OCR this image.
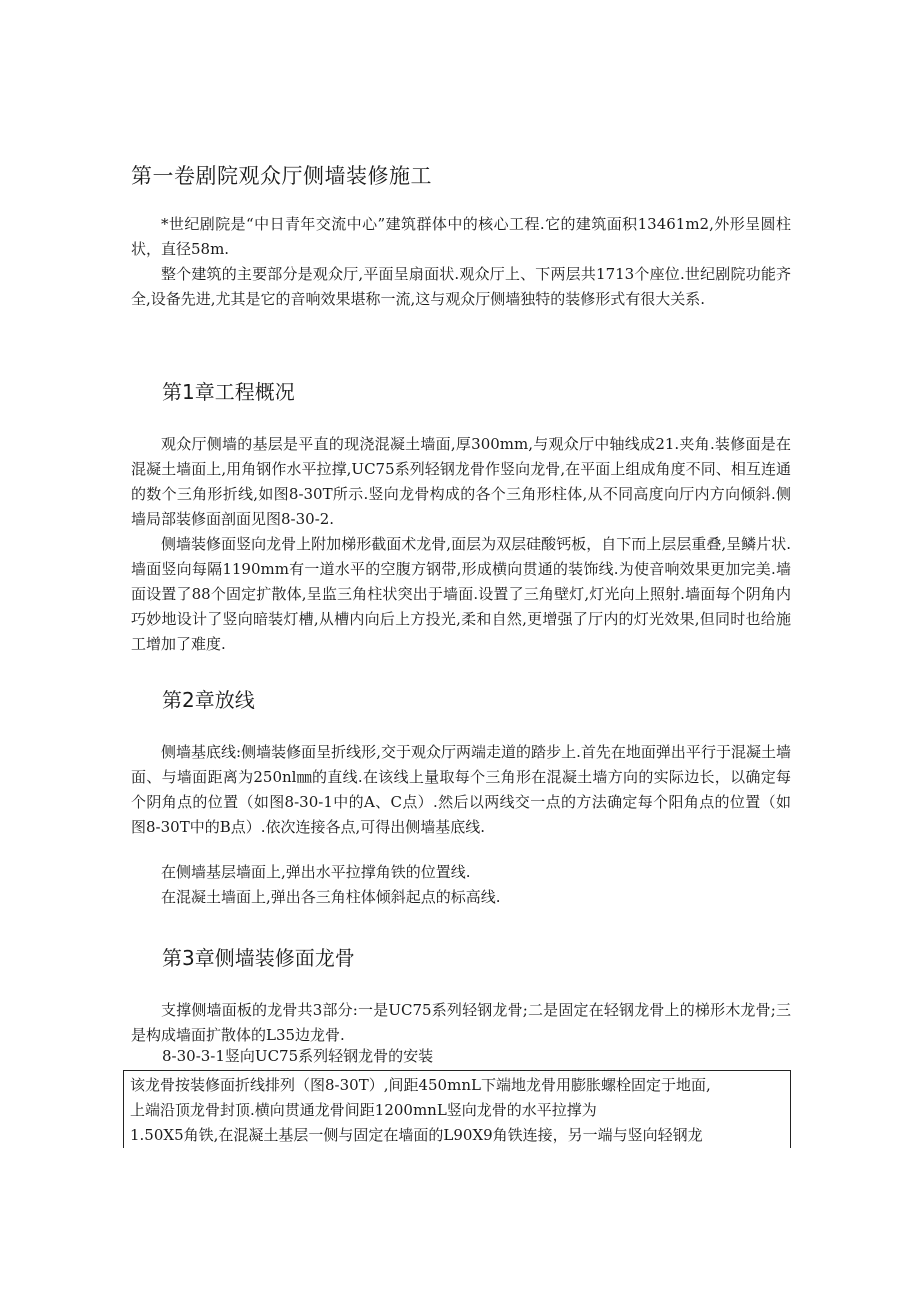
第一卷剧院观众厅侧墙装修施工

*世纪剧院是“中日青年交流中心”建筑群体中的核心工程.它的建筑面积13461m2,外形呈圆柱状，直径58m.

整个建筑的主要部分是观众厅,平面呈扇面状.观众厅上、下两层共1713个座位.世纪剧院功能齐全,设备先进,尤其是它的音响效果堪称一流,这与观众厅侧墙独特的装修形式有很大关系.

第1章工程概况

观众厅侧墙的基层是平直的现浇混凝土墙面,厚300mm,与观众厅中轴线成21.夹角.装修面是在混凝土墙面上,用角钢作水平拉撑,UC75系列轻钢龙骨作竖向龙骨,在平面上组成角度不同、相互连通的数个三角形折线,如图8-30T所示.竖向龙骨构成的各个三角形柱体,从不同高度向厅内方向倾斜.侧墙局部装修面剖面见图8-30-2.

侧墙装修面竖向龙骨上附加梯形截面术龙骨,面层为双层硅酸钙板，自下而上层层重叠,呈鳞片状.墙面竖向每隔1190mm有一道水平的空腹方钢带,形成横向贯通的装饰线.为使音响效果更加完美.墙面设置了88个固定扩散体,呈监三角柱状突出于墙面.设置了三角壁灯,灯光向上照射.墙面每个阴角内巧妙地设计了竖向暗装灯槽,从槽内向后上方投光,柔和自然,更增强了厅内的灯光效果,但同时也给施工增加了难度.

第2章放线

侧墙基底线:侧墙装修面呈折线形,交于观众厅两端走道的踏步上.首先在地面弹出平行于混凝土墙面、与墙面距离为250nl㎜的直线.在该线上量取每个三角形在混凝土墙方向的实际边长，以确定每个阴角点的位置（如图8-30-1中的A、C点）.然后以两线交一点的方法确定每个阳角点的位置（如图8-30T中的B点）.依次连接各点,可得出侧墙基底线.

在侧墙基层墙面上,弹出水平拉撑角铁的位置线.

在混凝土墙面上,弹出各三角柱体倾斜起点的标高线.

第3章侧墙装修面龙骨

支撑侧墙面板的龙骨共3部分:一是UC75系列轻钢龙骨;二是固定在轻钢龙骨上的梯形木龙骨;三是构成墙面扩散体的L35边龙骨.

8-30-3-1竖向UC75系列轻钢龙骨的安装

该龙骨按装修面折线排列（图8-30T）,间距450mnL下端地龙骨用膨胀螺栓固定于地面,
上端沿顶龙骨封顶.横向贯通龙骨间距1200mnL竖向龙骨的水平拉撑为
1.50X5角铁,在混凝土基层一侧与固定在墙面的L90X9角铁连接，另一端与竖向轻钢龙
